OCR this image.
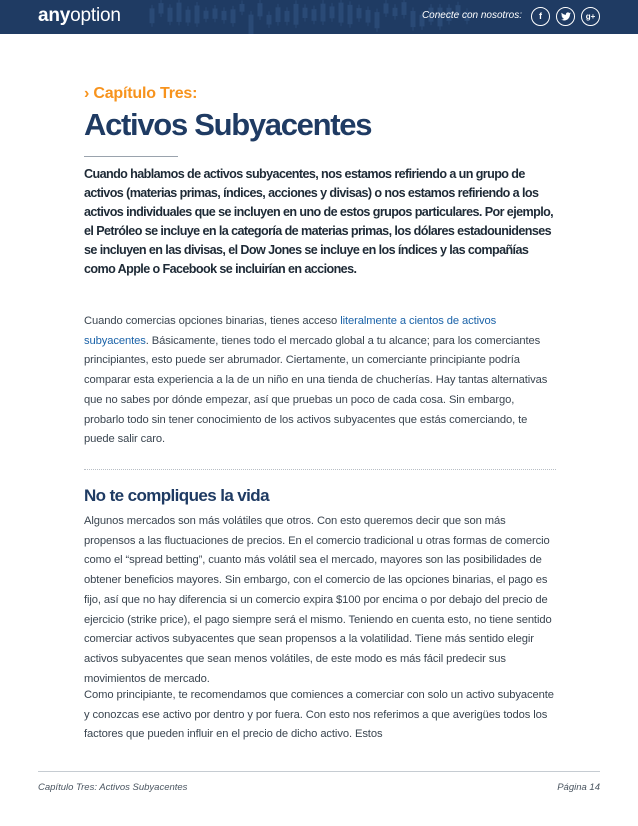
anyoption	Conecte con nosotros: f	g+
› Capítulo Tres:
Activos Subyacentes

Cuando hablamos de activos subyacentes, nos estamos refiriendo a un grupo de activos (materias primas, índices, acciones y divisas) o nos estamos refiriendo a los activos individuales que se incluyen en uno de estos grupos particulares. Por ejemplo, el Petróleo se incluye en la categoría de materias primas, los dólares estadounidenses se incluyen en las divisas, el Dow Jones se incluye en los índices y las compañías como Apple o Facebook se incluirían en acciones.

Cuando comercias opciones binarias, tienes acceso literalmente a cientos de activos subyacentes. Básicamente, tienes todo el mercado global a tu alcance; para los comerciantes principiantes, esto puede ser abrumador. Ciertamente, un comerciante principiante podría comparar esta experiencia a la de un niño en una tienda de chucherías. Hay tantas alternativas que no sabes por dónde empezar, así que pruebas un poco de cada cosa. Sin embargo, probarlo todo sin tener conocimiento de los activos subyacentes que estás comerciando, te puede salir caro.

No te compliques la vida

Algunos mercados son más volátiles que otros. Con esto queremos decir que son más propensos a las fluctuaciones de precios. En el comercio tradicional u otras formas de comercio como el “spread betting”, cuanto más volátil sea el mercado, mayores son las posibilidades de obtener beneficios mayores. Sin embargo, con el comercio de las opciones binarias, el pago es fijo, así que no hay diferencia si un comercio expira $100 por encima o por debajo del precio de ejercicio (strike price), el pago siempre será el mismo. Teniendo en cuenta esto, no tiene sentido comerciar activos subyacentes que sean propensos a la volatilidad. Tiene más sentido elegir activos subyacentes que sean menos volátiles, de este modo es más fácil predecir sus movimientos de mercado.

Como principiante, te recomendamos que comiences a comerciar con solo un activo subyacente y conozcas ese activo por dentro y por fuera. Con esto nos referimos a que averigües todos los factores que pueden influir en el precio de dicho activo. Estos

Capítulo Tres: Activos Subyacentes	Página 14
